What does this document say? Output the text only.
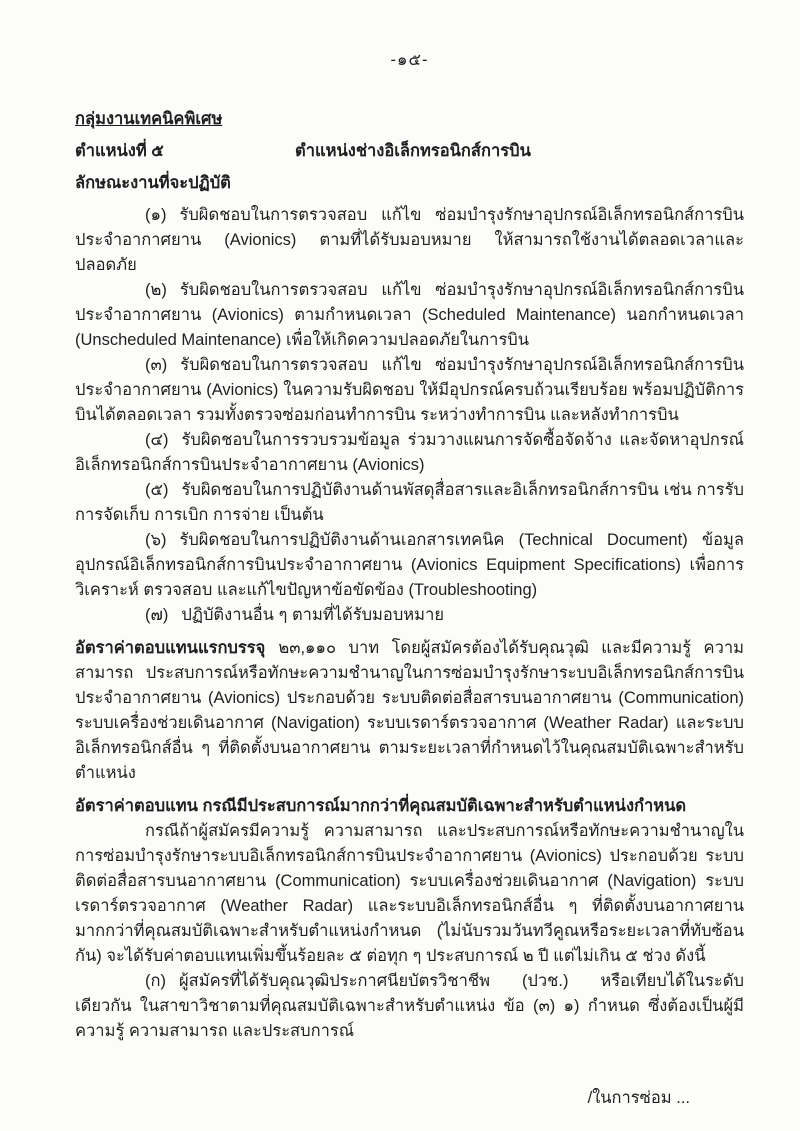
-๑๕-
กลุ่มงานเทคนิคพิเศษ
ตำแหน่งที่ ๕	ตำแหน่งช่างอิเล็กทรอนิกส์การบิน
ลักษณะงานที่จะปฏิบัติ

(๑) รับผิดชอบในการตรวจสอบ แก้ไข ซ่อมบำรุงรักษาอุปกรณ์อิเล็กทรอนิกส์การบินประจำอากาศยาน (Avionics) ตามที่ได้รับมอบหมาย ให้สามารถใช้งานได้ตลอดเวลาและปลอดภัย

(๒) รับผิดชอบในการตรวจสอบ แก้ไข ซ่อมบำรุงรักษาอุปกรณ์อิเล็กทรอนิกส์การบินประจำอากาศยาน (Avionics) ตามกำหนดเวลา (Scheduled Maintenance) นอกกำหนดเวลา (Unscheduled Maintenance) เพื่อให้เกิดความปลอดภัยในการบิน

(๓) รับผิดชอบในการตรวจสอบ แก้ไข ซ่อมบำรุงรักษาอุปกรณ์อิเล็กทรอนิกส์การบินประจำอากาศยาน (Avionics) ในความรับผิดชอบ ให้มีอุปกรณ์ครบถ้วนเรียบร้อย พร้อมปฏิบัติการบินได้ตลอดเวลา รวมทั้งตรวจซ่อมก่อนทำการบิน ระหว่างทำการบิน และหลังทำการบิน

(๔) รับผิดชอบในการรวบรวมข้อมูล ร่วมวางแผนการจัดซื้อจัดจ้าง และจัดหาอุปกรณ์อิเล็กทรอนิกส์การบินประจำอากาศยาน (Avionics)

(๕) รับผิดชอบในการปฏิบัติงานด้านพัสดุสื่อสารและอิเล็กทรอนิกส์การบิน เช่น การรับ การจัดเก็บ การเบิก การจ่าย เป็นต้น

(๖) รับผิดชอบในการปฏิบัติงานด้านเอกสารเทคนิค (Technical Document) ข้อมูลอุปกรณ์อิเล็กทรอนิกส์การบินประจำอากาศยาน (Avionics Equipment Specifications) เพื่อการวิเคราะห์ ตรวจสอบ และแก้ไขปัญหาข้อขัดข้อง (Troubleshooting)

(๗) ปฏิบัติงานอื่น ๆ ตามที่ได้รับมอบหมาย

อัตราค่าตอบแทนแรกบรรจุ ๒๓,๑๑๐ บาท โดยผู้สมัครต้องได้รับคุณวุฒิ และมีความรู้ ความสามารถ ประสบการณ์หรือทักษะความชำนาญในการซ่อมบำรุงรักษาระบบอิเล็กทรอนิกส์การบินประจำอากาศยาน (Avionics) ประกอบด้วย ระบบติดต่อสื่อสารบนอากาศยาน (Communication) ระบบเครื่องช่วยเดินอากาศ (Navigation) ระบบเรดาร์ตรวจอากาศ (Weather Radar) และระบบอิเล็กทรอนิกส์อื่น ๆ ที่ติดตั้งบนอากาศยาน ตามระยะเวลาที่กำหนดไว้ในคุณสมบัติเฉพาะสำหรับตำแหน่ง

อัตราค่าตอบแทน กรณีมีประสบการณ์มากกว่าที่คุณสมบัติเฉพาะสำหรับตำแหน่งกำหนด

กรณีถ้าผู้สมัครมีความรู้ ความสามารถ และประสบการณ์หรือทักษะความชำนาญในการซ่อมบำรุงรักษาระบบอิเล็กทรอนิกส์การบินประจำอากาศยาน (Avionics) ประกอบด้วย ระบบติดต่อสื่อสารบนอากาศยาน (Communication) ระบบเครื่องช่วยเดินอากาศ (Navigation) ระบบเรดาร์ตรวจอากาศ (Weather Radar) และระบบอิเล็กทรอนิกส์อื่น ๆ ที่ติดตั้งบนอากาศยาน มากกว่าที่คุณสมบัติเฉพาะสำหรับตำแหน่งกำหนด (ไม่นับรวมวันทวีคูณหรือระยะเวลาที่ทับซ้อนกัน) จะได้รับค่าตอบแทนเพิ่มขึ้นร้อยละ ๕ ต่อทุก ๆ ประสบการณ์ ๒ ปี แต่ไม่เกิน ๕ ช่วง ดังนี้

(ก) ผู้สมัครที่ได้รับคุณวุฒิประกาศนียบัตรวิชาชีพ (ปวช.) หรือเทียบได้ในระดับเดียวกัน ในสาขาวิชาตามที่คุณสมบัติเฉพาะสำหรับตำแหน่ง ข้อ (๓) ๑) กำหนด ซึ่งต้องเป็นผู้มีความรู้ ความสามารถ และประสบการณ์

/ในการซ่อม ...
